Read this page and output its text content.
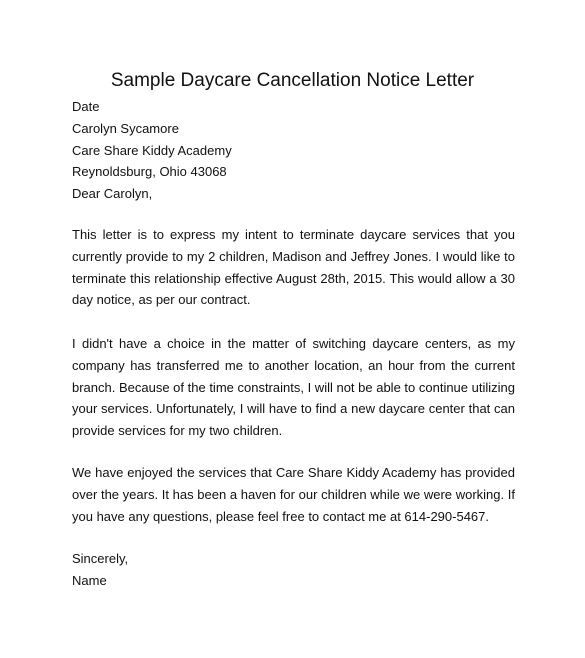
Sample Daycare Cancellation Notice Letter
Date
Carolyn Sycamore
Care Share Kiddy Academy
Reynoldsburg, Ohio 43068
Dear Carolyn,
This letter is to express my intent to terminate daycare services that you currently provide to my 2 children, Madison and Jeffrey Jones. I would like to terminate this relationship effective August 28th, 2015. This would allow a 30 day notice, as per our contract.
I didn't have a choice in the matter of switching daycare centers, as my company has transferred me to another location, an hour from the current branch. Because of the time constraints, I will not be able to continue utilizing your services. Unfortunately, I will have to find a new daycare center that can provide services for my two children.
We have enjoyed the services that Care Share Kiddy Academy has provided over the years. It has been a haven for our children while we were working. If you have any questions, please feel free to contact me at 614-290-5467.
Sincerely,
Name
